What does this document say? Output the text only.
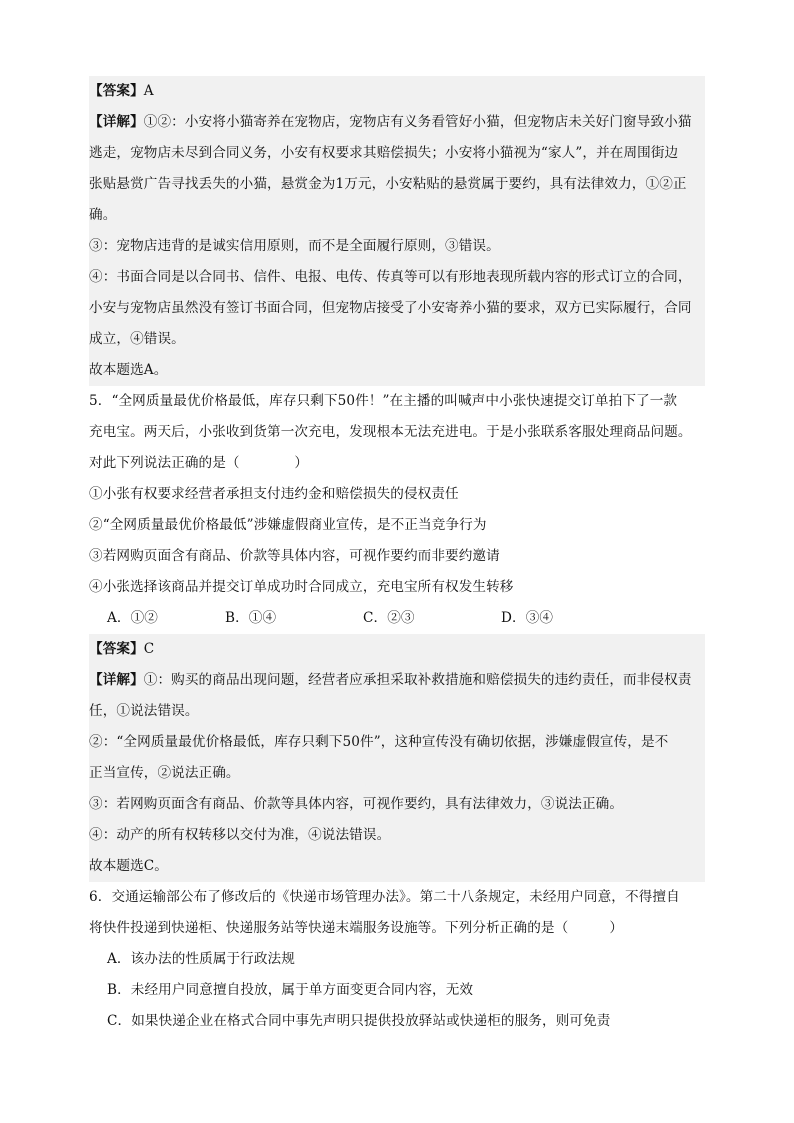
【答案】A
【详解】①②：小安将小猫寄养在宠物店，宠物店有义务看管好小猫，但宠物店未关好门窗导致小猫
逃走，宠物店未尽到合同义务，小安有权要求其赔偿损失；小安将小猫视为“家人”，并在周围街边
张贴悬赏广告寻找丢失的小猫，悬赏金为1万元，小安粘贴的悬赏属于要约，具有法律效力，①②正
确。
③：宠物店违背的是诚实信用原则，而不是全面履行原则，③错误。
④：书面合同是以合同书、信件、电报、电传、传真等可以有形地表现所载内容的形式订立的合同，
小安与宠物店虽然没有签订书面合同，但宠物店接受了小安寄养小猫的要求，双方已实际履行，合同
成立，④错误。
故本题选A。
5．“全网质量最优价格最低，库存只剩下50件！”在主播的叫喊声中小张快速提交订单拍下了一款
充电宝。两天后，小张收到货第一次充电，发现根本无法充进电。于是小张联系客服处理商品问题。
对此下列说法正确的是（　　　　）
①小张有权要求经营者承担支付违约金和赔偿损失的侵权责任
②“全网质量最优价格最低”涉嫌虚假商业宣传，是不正当竞争行为
③若网购页面含有商品、价款等具体内容，可视作要约而非要约邀请
④小张选择该商品并提交订单成功时合同成立，充电宝所有权发生转移
A．①②	B．①④	C．②③	D．③④
【答案】C
【详解】①：购买的商品出现问题，经营者应承担采取补救措施和赔偿损失的违约责任，而非侵权责
任，①说法错误。
②：“全网质量最优价格最低，库存只剩下50件”，这种宣传没有确切依据，涉嫌虚假宣传，是不
正当宣传，②说法正确。
③：若网购页面含有商品、价款等具体内容，可视作要约，具有法律效力，③说法正确。
④：动产的所有权转移以交付为准，④说法错误。
故本题选C。
6．交通运输部公布了修改后的《快递市场管理办法》。第二十八条规定，未经用户同意，不得擅自
将快件投递到快递柜、快递服务站等快递末端服务设施等。下列分析正确的是（　　　）
A．该办法的性质属于行政法规
B．未经用户同意擅自投放，属于单方面变更合同内容，无效
C．如果快递企业在格式合同中事先声明只提供投放驿站或快递柜的服务，则可免责
